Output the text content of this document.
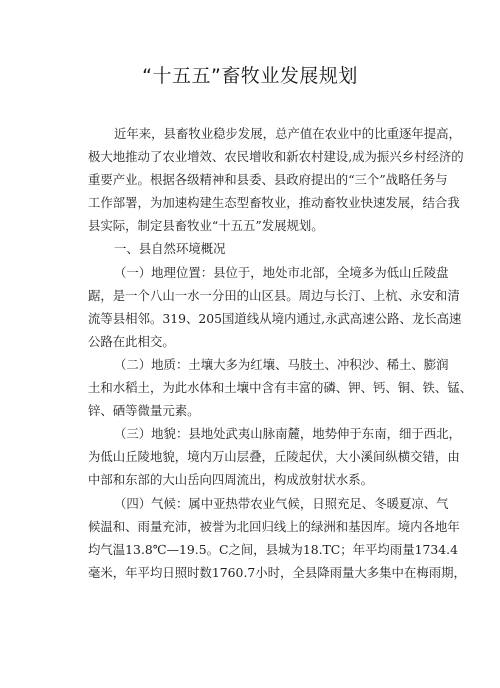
“十五五”畜牧业发展规划
近年来，县畜牧业稳步发展，总产值在农业中的比重逐年提高，
极大地推动了农业增效、农民增收和新农村建设,成为振兴乡村经济的
重要产业。根据各级精神和县委、县政府提出的“三个”战略任务与
工作部署，为加速构建生态型畜牧业，推动畜牧业快速发展，结合我
县实际，制定县畜牧业“十五五”发展规划。
一、县自然环境概况
（一）地理位置：县位于，地处市北部，全境多为低山丘陵盘
踞，是一个八山一水一分田的山区县。周边与长汀、上杭、永安和清
流等县相邻。319、205国道线从境内通过,永武高速公路、龙长高速
公路在此相交。
（二）地质：土壤大多为红壤、马肢土、冲积沙、稀土、膨润
土和水稻土，为此水体和土壤中含有丰富的磷、钾、钙、铜、铁、锰、
锌、硒等微量元素。
（三）地貌：县地处武夷山脉南麓，地势伸于东南，细于西北，
为低山丘陵地貌，境内万山层叠，丘陵起伏，大小溪间纵横交错，由
中部和东部的大山岳向四周流出，构成放射状水系。
（四）气候：属中亚热带农业气候，日照充足、冬暖夏凉、气
候温和、雨量充沛，被誉为北回归线上的绿洲和基因库。境内各地年
均气温13.8℃—19.5。C之间，县城为18.TC；年平均雨量1734.4
毫米，年平均日照时数1760.7小时，全县降雨量大多集中在梅雨期，
